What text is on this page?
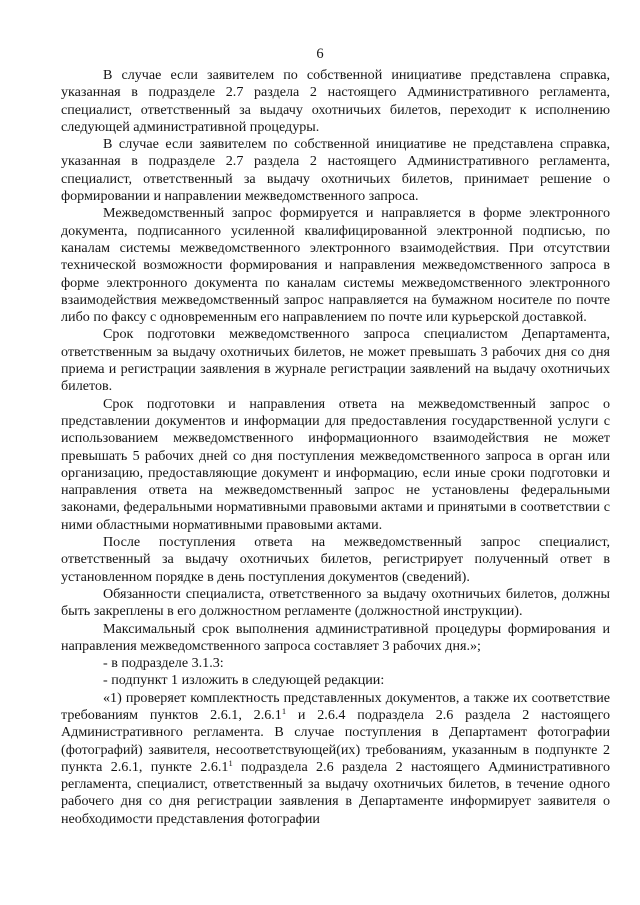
6

В случае если заявителем по собственной инициативе представлена справка, указанная в подразделе 2.7 раздела 2 настоящего Административного регламента, специалист, ответственный за выдачу охотничьих билетов, переходит к исполнению следующей административной процедуры.

В случае если заявителем по собственной инициативе не представлена справка, указанная в подразделе 2.7 раздела 2 настоящего Административного регламента, специалист, ответственный за выдачу охотничьих билетов, принимает решение о формировании и направлении межведомственного запроса.

Межведомственный запрос формируется и направляется в форме электронного документа, подписанного усиленной квалифицированной электронной подписью, по каналам системы межведомственного электронного взаимодействия. При отсутствии технической возможности формирования и направления межведомственного запроса в форме электронного документа по каналам системы межведомственного электронного взаимодействия межведомственный запрос направляется на бумажном носителе по почте либо по факсу с одновременным его направлением по почте или курьерской доставкой.

Срок подготовки межведомственного запроса специалистом Департамента, ответственным за выдачу охотничьих билетов, не может превышать 3 рабочих дня со дня приема и регистрации заявления в журнале регистрации заявлений на выдачу охотничьих билетов.

Срок подготовки и направления ответа на межведомственный запрос о представлении документов и информации для предоставления государственной услуги с использованием межведомственного информационного взаимодействия не может превышать 5 рабочих дней со дня поступления межведомственного запроса в орган или организацию, предоставляющие документ и информацию, если иные сроки подготовки и направления ответа на межведомственный запрос не установлены федеральными законами, федеральными нормативными правовыми актами и принятыми в соответствии с ними областными нормативными правовыми актами.

После поступления ответа на межведомственный запрос специалист, ответственный за выдачу охотничьих билетов, регистрирует полученный ответ в установленном порядке в день поступления документов (сведений).

Обязанности специалиста, ответственного за выдачу охотничьих билетов, должны быть закреплены в его должностном регламенте (должностной инструкции).

Максимальный срок выполнения административной процедуры формирования и направления межведомственного запроса составляет 3 рабочих дня.»;

- в подразделе 3.1.3:

- подпункт 1 изложить в следующей редакции:

«1) проверяет комплектность представленных документов, а также их соответствие требованиям пунктов 2.6.1, 2.6.1$^1$ и 2.6.4 подраздела 2.6 раздела 2 настоящего Административного регламента. В случае поступления в Департамент фотографии (фотографий) заявителя, несоответствующей(их) требованиям, указанным в подпункте 2 пункта 2.6.1, пункте 2.6.1$^1$ подраздела 2.6 раздела 2 настоящего Административного регламента, специалист, ответственный за выдачу охотничьих билетов, в течение одного рабочего дня со дня регистрации заявления в Департаменте информирует заявителя о необходимости представления фотографии
